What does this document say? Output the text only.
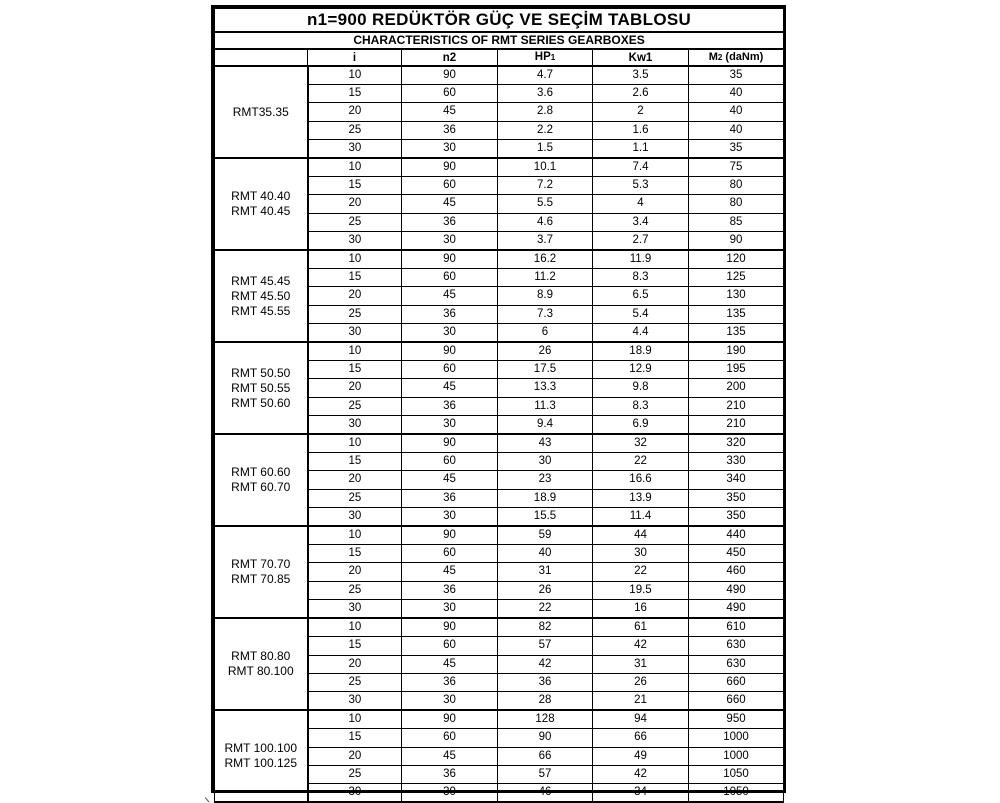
n1=900 REDÜKTÖR GÜÇ VE SEÇİM TABLOSU					
CHARACTERISTICS OF RMT SERIES GEARBOXES					
	i	n2	HP1	Kw1	M2 (daNm)
RMT35.35	10	90	4.7	3.5	35
	15	60	3.6	2.6	40
	20	45	2.8	2	40
	25	36	2.2	1.6	40
	30	30	1.5	1.1	35
RMT 40.40
RMT 40.45	10	90	10.1	7.4	75
	15	60	7.2	5.3	80
	20	45	5.5	4	80
	25	36	4.6	3.4	85
	30	30	3.7	2.7	90
RMT 45.45
RMT 45.50
RMT 45.55	10	90	16.2	11.9	120
	15	60	11.2	8.3	125
	20	45	8.9	6.5	130
	25	36	7.3	5.4	135
	30	30	6	4.4	135
RMT 50.50
RMT 50.55
RMT 50.60	10	90	26	18.9	190
	15	60	17.5	12.9	195
	20	45	13.3	9.8	200
	25	36	11.3	8.3	210
	30	30	9.4	6.9	210
RMT 60.60
RMT 60.70	10	90	43	32	320
	15	60	30	22	330
	20	45	23	16.6	340
	25	36	18.9	13.9	350
	30	30	15.5	11.4	350
RMT 70.70
RMT 70.85	10	90	59	44	440
	15	60	40	30	450
	20	45	31	22	460
	25	36	26	19.5	490
	30	30	22	16	490
RMT 80.80
RMT 80.100	10	90	82	61	610
	15	60	57	42	630
	20	45	42	31	630
	25	36	36	26	660
	30	30	28	21	660
RMT 100.100
RMT 100.125	10	90	128	94	950
	15	60	90	66	1000
	20	45	66	49	1000
	25	36	57	42	1050
	30	30	46	34	1050
